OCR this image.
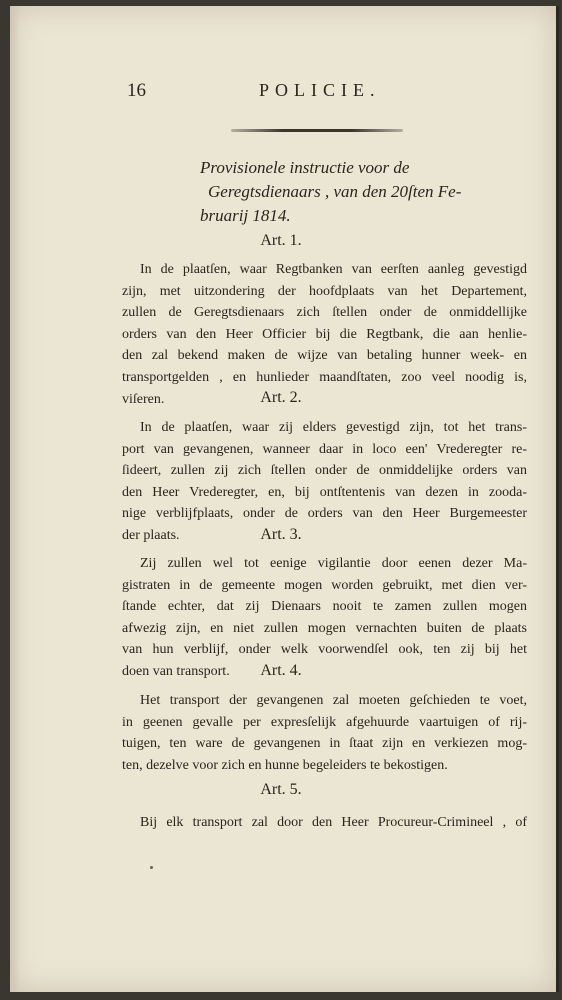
16	POLICIE.
Provisionele instructie voor de
Geregtsdienaars , van den 20ſten Fe-
bruarij 1814.
Art. 1.
In de plaatſen, waar Regtbanken van eerſten aanleg gevestigd
zijn, met uitzondering der hoofdplaats van het Departement,
zullen de Geregtsdienaars zich ſtellen onder de onmiddellijke
orders van den Heer Officier bij die Regtbank, die aan henlie-
den zal bekend maken de wijze van betaling hunner week- en
transportgelden , en hunlieder maandſtaten, zoo veel noodig is,
viſeren.	Art. 2.
In de plaatſen, waar zij elders gevestigd zijn, tot het trans-
port van gevangenen, wanneer daar in loco een' Vrederegter re-
ſideert, zullen zij zich ſtellen onder de onmiddelijke orders van
den Heer Vrederegter, en, bij ontſtentenis van dezen in zooda-
nige verblijfplaats, onder de orders van den Heer Burgemeester
der plaats.	Art. 3.
Zij zullen wel tot eenige vigilantie door eenen dezer Ma-
gistraten in de gemeente mogen worden gebruikt, met dien ver-
ſtande echter, dat zij Dienaars nooit te zamen zullen mogen
afwezig zijn, en niet zullen mogen vernachten buiten de plaats
van hun verblijf, onder welk voorwendſel ook, ten zij bij het
doen van transport.	Art. 4.
Het transport der gevangenen zal moeten geſchieden te voet,
in geenen gevalle per expresſelijk afgehuurde vaartuigen of rij-
tuigen, ten ware de gevangenen in ſtaat zijn en verkiezen mog-
ten, dezelve voor zich en hunne begeleiders te bekostigen.
Art. 5.
Bij elk transport zal door den Heer Procureur-Crimineel , of
